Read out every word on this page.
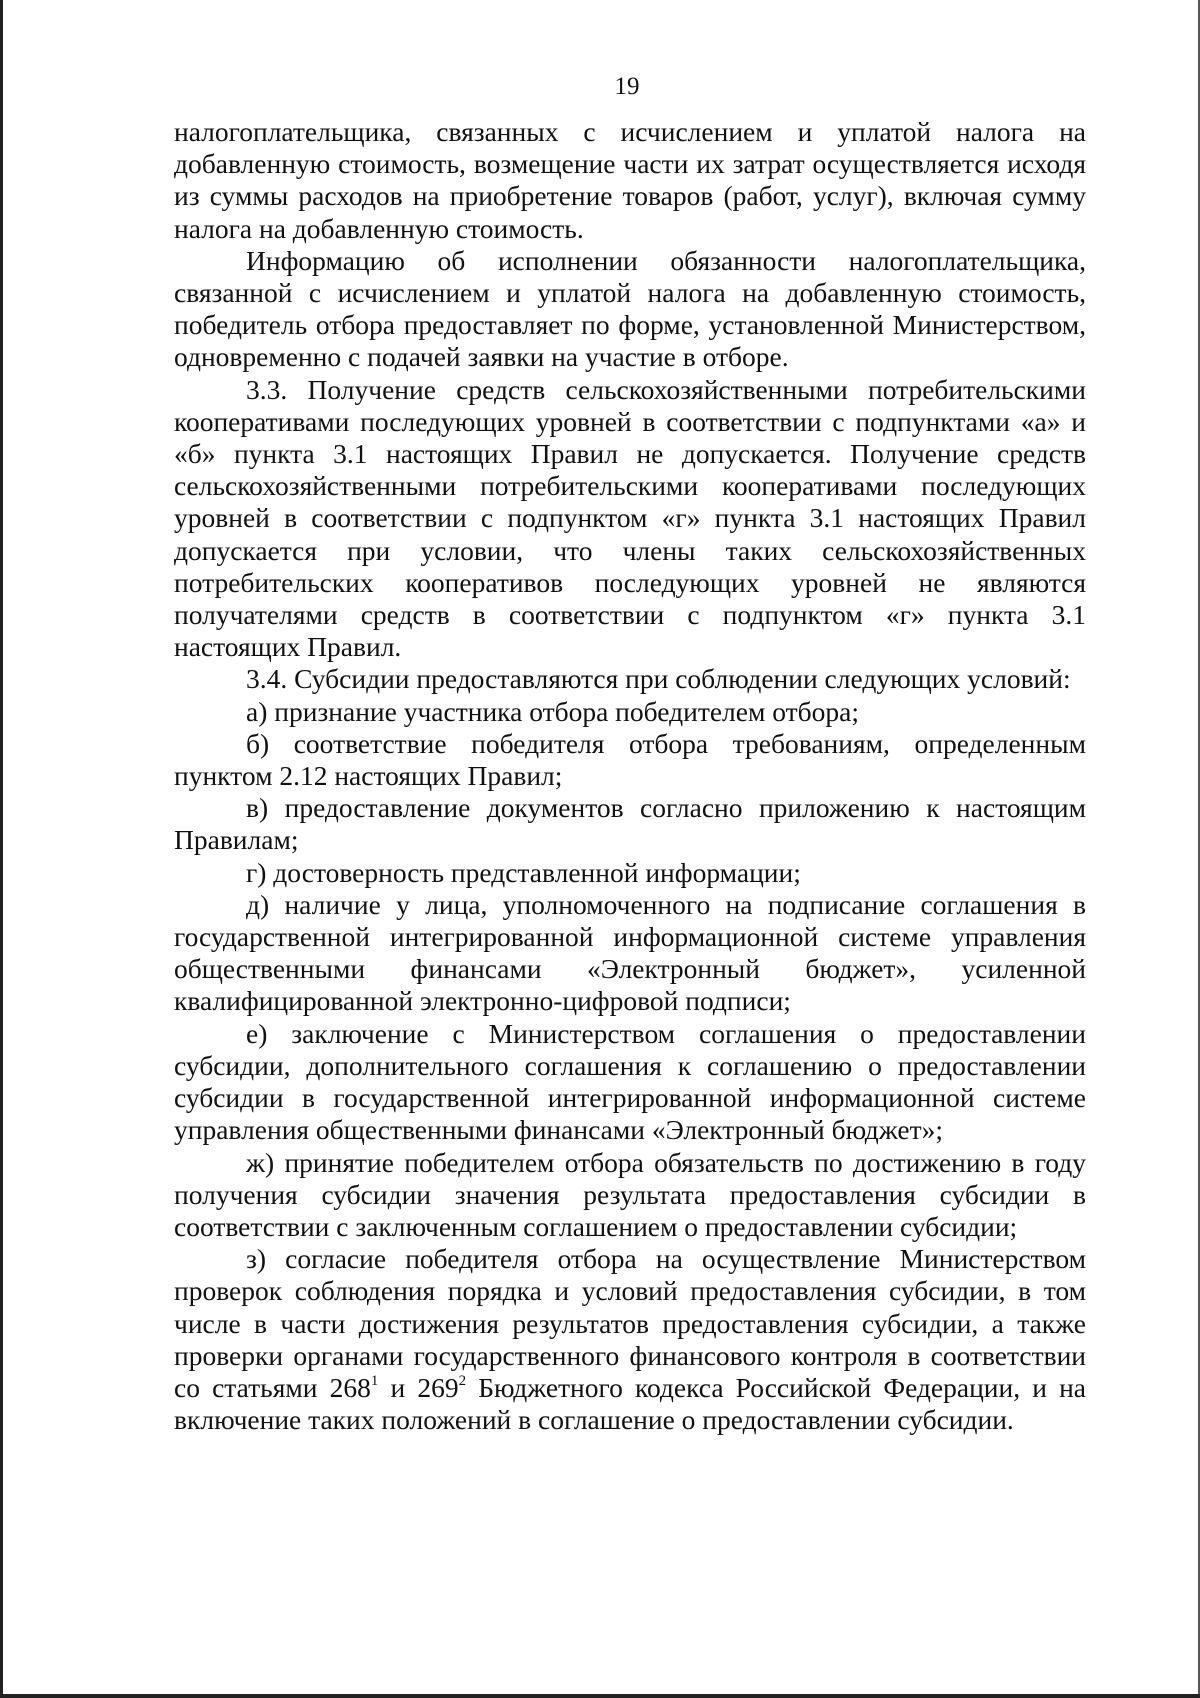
19

налогоплательщика, связанных с исчислением и уплатой налога на добавленную стоимость, возмещение части их затрат осуществляется исходя из суммы расходов на приобретение товаров (работ, услуг), включая сумму налога на добавленную стоимость.

Информацию об исполнении обязанности налогоплательщика, связанной с исчислением и уплатой налога на добавленную стоимость, победитель отбора предоставляет по форме, установленной Министерством, одновременно с подачей заявки на участие в отборе.

3.3. Получение средств сельскохозяйственными потребительскими кооперативами последующих уровней в соответствии с подпунктами «а» и «б» пункта 3.1 настоящих Правил не допускается. Получение средств сельскохозяйственными потребительскими кооперативами последующих уровней в соответствии с подпунктом «г» пункта 3.1 настоящих Правил допускается при условии, что члены таких сельскохозяйственных потребительских кооперативов последующих уровней не являются получателями средств в соответствии с подпунктом «г» пункта 3.1 настоящих Правил.

3.4. Субсидии предоставляются при соблюдении следующих условий:

а) признание участника отбора победителем отбора;

б) соответствие победителя отбора требованиям, определенным пунктом 2.12 настоящих Правил;

в) предоставление документов согласно приложению к настоящим Правилам;

г) достоверность представленной информации;

д) наличие у лица, уполномоченного на подписание соглашения в государственной интегрированной информационной системе управления общественными финансами «Электронный бюджет», усиленной квалифицированной электронно-цифровой подписи;

е) заключение с Министерством соглашения о предоставлении субсидии, дополнительного соглашения к соглашению о предоставлении субсидии в государственной интегрированной информационной системе управления общественными финансами «Электронный бюджет»;

ж) принятие победителем отбора обязательств по достижению в году получения субсидии значения результата предоставления субсидии в соответствии с заключенным соглашением о предоставлении субсидии;

з) согласие победителя отбора на осуществление Министерством проверок соблюдения порядка и условий предоставления субсидии, в том числе в части достижения результатов предоставления субсидии, а также проверки органами государственного финансового контроля в соответствии со статьями $268^1$ и $269^2$ Бюджетного кодекса Российской Федерации, и на включение таких положений в соглашение о предоставлении субсидии.
